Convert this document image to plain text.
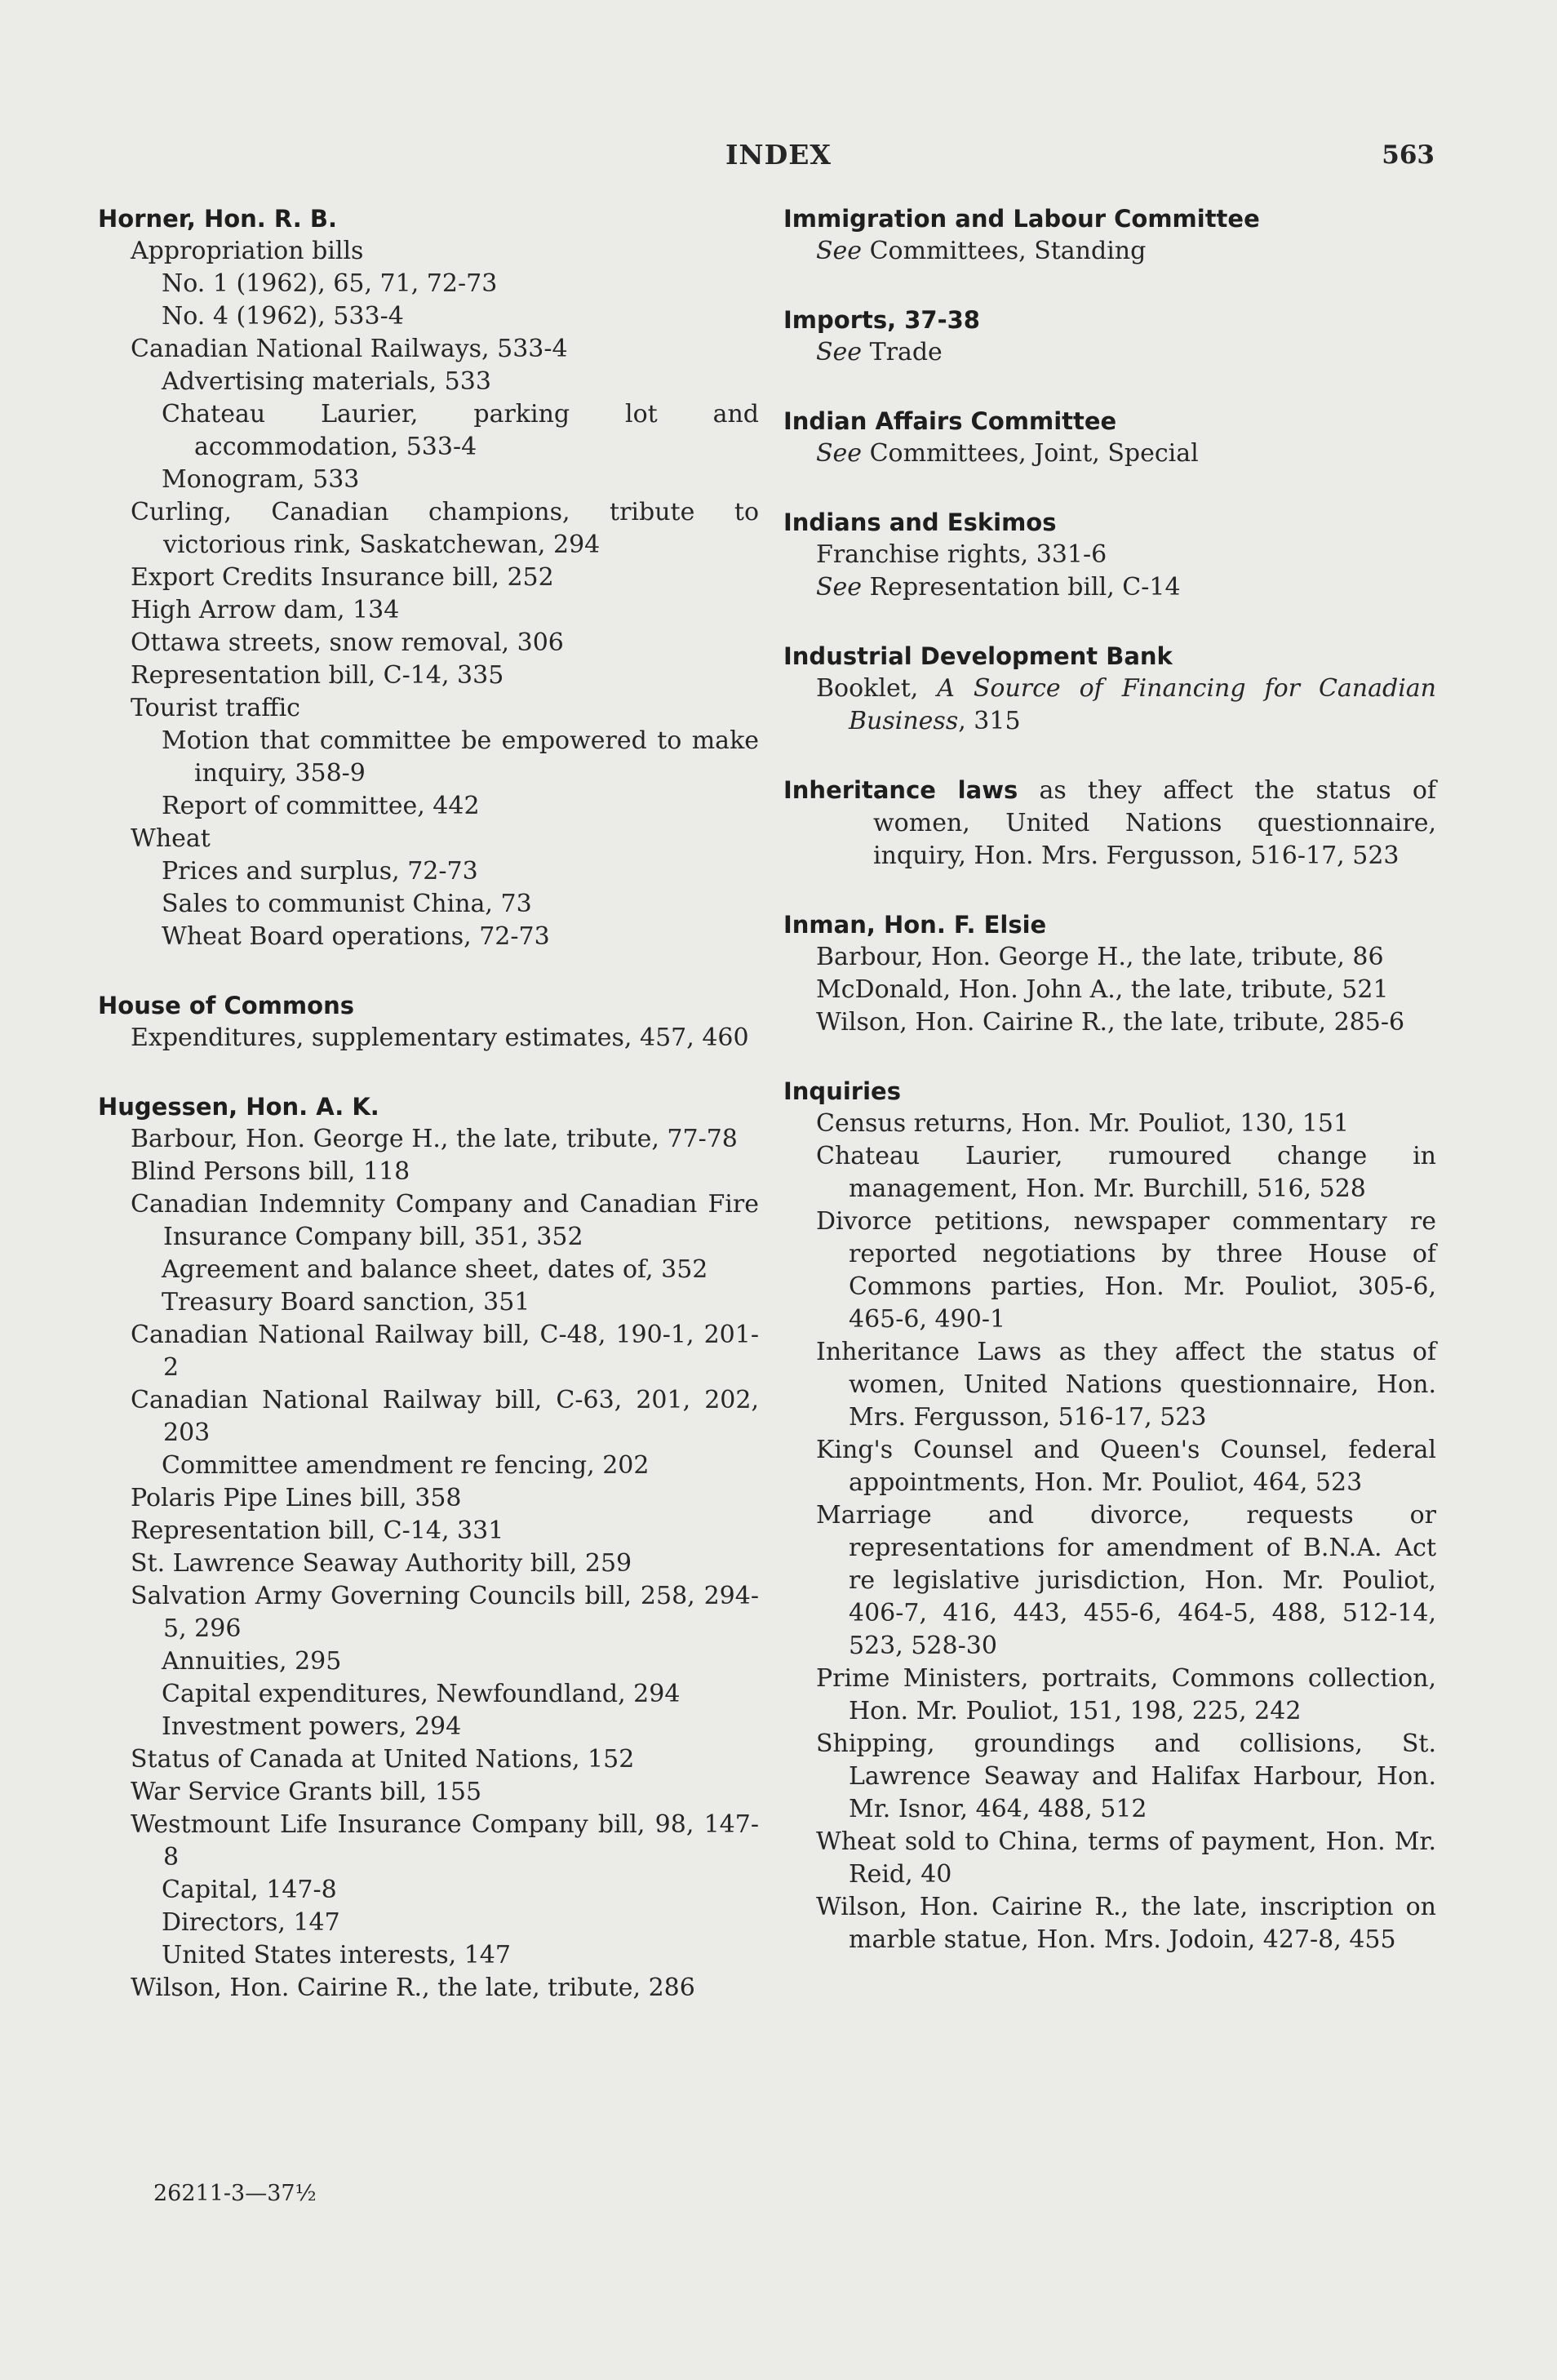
INDEX	563
Horner, Hon. R. B.
Appropriation bills
No. 1 (1962), 65, 71, 72-73
No. 4 (1962), 533-4
Canadian National Railways, 533-4
Advertising materials, 533
Chateau Laurier, parking lot and accommodation, 533-4
Monogram, 533
Curling, Canadian champions, tribute to victorious rink, Saskatchewan, 294
Export Credits Insurance bill, 252
High Arrow dam, 134
Ottawa streets, snow removal, 306
Representation bill, C-14, 335
Tourist traffic
Motion that committee be empowered to make inquiry, 358-9
Report of committee, 442
Wheat
Prices and surplus, 72-73
Sales to communist China, 73
Wheat Board operations, 72-73
House of Commons
Expenditures, supplementary estimates, 457, 460
Hugessen, Hon. A. K.
Barbour, Hon. George H., the late, tribute, 77-78
Blind Persons bill, 118
Canadian Indemnity Company and Canadian Fire Insurance Company bill, 351, 352
Agreement and balance sheet, dates of, 352
Treasury Board sanction, 351
Canadian National Railway bill, C-48, 190-1, 201-2
Canadian National Railway bill, C-63, 201, 202, 203
Committee amendment re fencing, 202
Polaris Pipe Lines bill, 358
Representation bill, C-14, 331
St. Lawrence Seaway Authority bill, 259
Salvation Army Governing Councils bill, 258, 294-5, 296
Annuities, 295
Capital expenditures, Newfoundland, 294
Investment powers, 294
Status of Canada at United Nations, 152
War Service Grants bill, 155
Westmount Life Insurance Company bill, 98, 147-8
Capital, 147-8
Directors, 147
United States interests, 147
Wilson, Hon. Cairine R., the late, tribute, 286
Immigration and Labour Committee
See Committees, Standing
Imports, 37-38
See Trade
Indian Affairs Committee
See Committees, Joint, Special
Indians and Eskimos
Franchise rights, 331-6
See Representation bill, C-14
Industrial Development Bank
Booklet, A Source of Financing for Canadian Business, 315
Inheritance laws as they affect the status of women, United Nations questionnaire, inquiry, Hon. Mrs. Fergusson, 516-17, 523
Inman, Hon. F. Elsie
Barbour, Hon. George H., the late, tribute, 86
McDonald, Hon. John A., the late, tribute, 521
Wilson, Hon. Cairine R., the late, tribute, 285-6
Inquiries
Census returns, Hon. Mr. Pouliot, 130, 151
Chateau Laurier, rumoured change in management, Hon. Mr. Burchill, 516, 528
Divorce petitions, newspaper commentary re reported negotiations by three House of Commons parties, Hon. Mr. Pouliot, 305-6, 465-6, 490-1
Inheritance Laws as they affect the status of women, United Nations questionnaire, Hon. Mrs. Fergusson, 516-17, 523
King's Counsel and Queen's Counsel, federal appointments, Hon. Mr. Pouliot, 464, 523
Marriage and divorce, requests or representations for amendment of B.N.A. Act re legislative jurisdiction, Hon. Mr. Pouliot, 406-7, 416, 443, 455-6, 464-5, 488, 512-14, 523, 528-30
Prime Ministers, portraits, Commons collection, Hon. Mr. Pouliot, 151, 198, 225, 242
Shipping, groundings and collisions, St. Lawrence Seaway and Halifax Harbour, Hon. Mr. Isnor, 464, 488, 512
Wheat sold to China, terms of payment, Hon. Mr. Reid, 40
Wilson, Hon. Cairine R., the late, inscription on marble statue, Hon. Mrs. Jodoin, 427-8, 455
26211-3—37½
